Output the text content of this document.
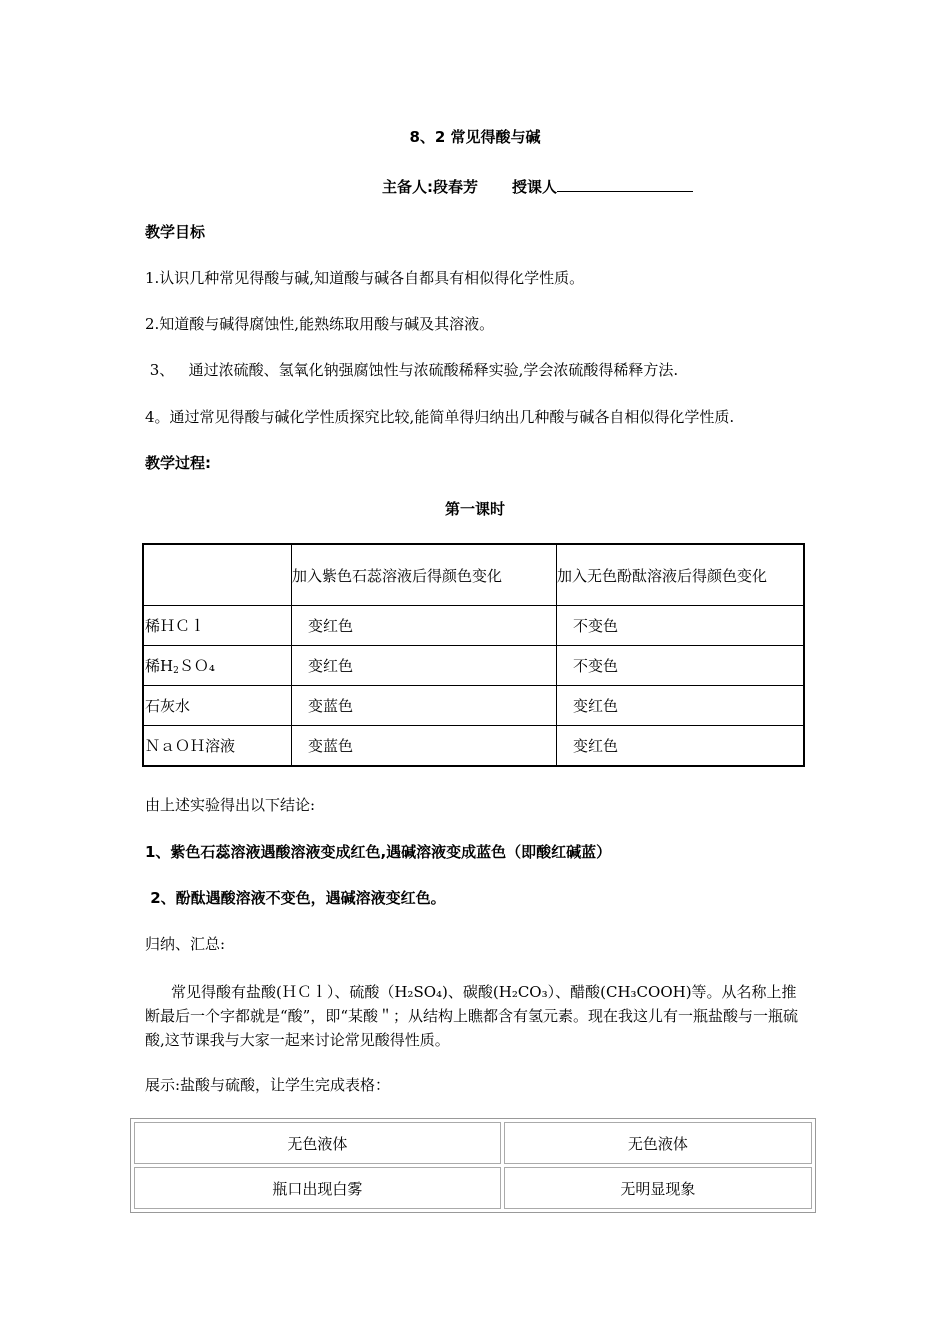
8、2 常见得酸与碱
主备人:段春芳 授课人
教学目标
1.认识几种常见得酸与碱,知道酸与碱各自都具有相似得化学性质。
2.知道酸与碱得腐蚀性,能熟练取用酸与碱及其溶液。
3、   通过浓硫酸、氢氧化钠强腐蚀性与浓硫酸稀释实验,学会浓硫酸得稀释方法.
4。通过常见得酸与碱化学性质探究比较,能简单得归纳出几种酸与碱各自相似得化学性质.
教学过程:
第一课时
	加入紫色石蕊溶液后得颜色变化	加入无色酚酞溶液后得颜色变化
稀ＨＣｌ	变红色	不变色
稀$H_2SO_4$	变红色	不变色
石灰水	变蓝色	变红色
ＮａＯＨ溶液	变蓝色	变红色
由上述实验得出以下结论:
1、紫色石蕊溶液遇酸溶液变成红色,遇碱溶液变成蓝色（即酸红碱蓝）
2、酚酞遇酸溶液不变色，遇碱溶液变红色。
归纳、汇总:
常见得酸有盐酸(ＨＣｌ）、硫酸（H₂SO₄)、碳酸(H₂CO₃）、醋酸(CH₃COOH)等。从名称上推断最后一个字都就是“酸”，即“某酸＂；从结构上瞧都含有氢元素。现在我这儿有一瓶盐酸与一瓶硫酸,这节课我与大家一起来讨论常见酸得性质。
展示:盐酸与硫酸，让学生完成表格：
无色液体	无色液体
瓶口出现白雾	无明显现象
